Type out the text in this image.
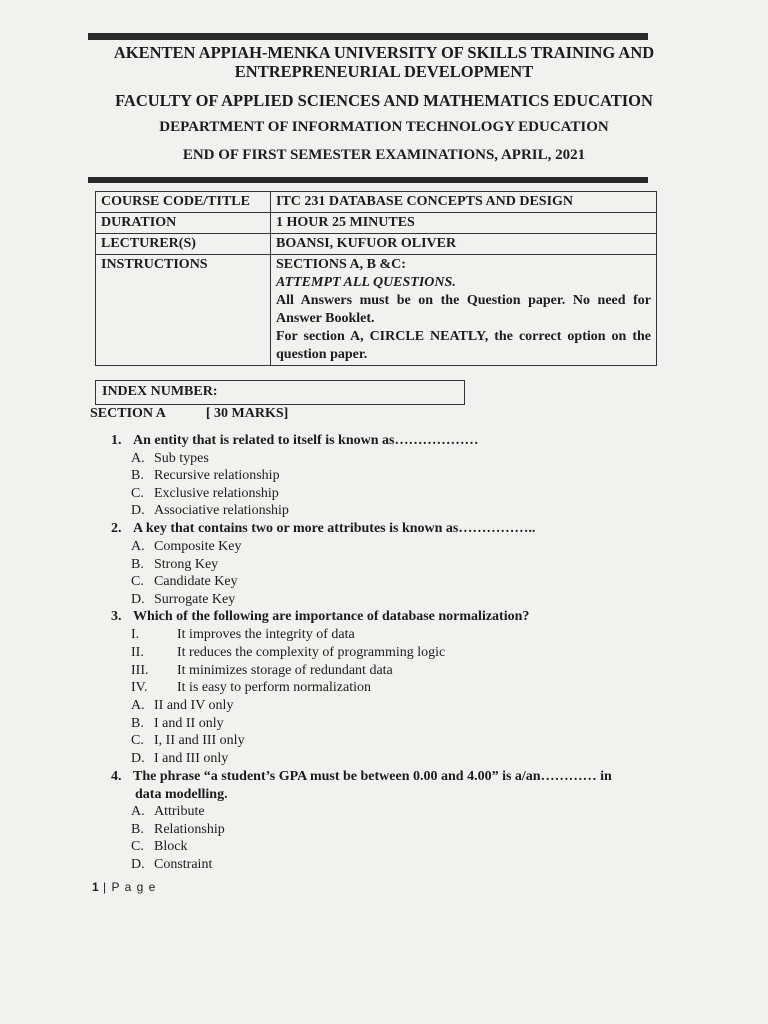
AKENTEN APPIAH-MENKA UNIVERSITY OF SKILLS TRAINING AND ENTREPRENEURIAL DEVELOPMENT
FACULTY OF APPLIED SCIENCES AND MATHEMATICS EDUCATION
DEPARTMENT OF INFORMATION TECHNOLOGY EDUCATION
END OF FIRST SEMESTER EXAMINATIONS, APRIL, 2021
COURSE CODE/TITLE	ITC 231 DATABASE CONCEPTS AND DESIGN
DURATION	1 HOUR 25 MINUTES
LECTURER(S)	BOANSI, KUFUOR OLIVER
INSTRUCTIONS	SECTIONS A, B &C:
ATTEMPT ALL QUESTIONS.
All Answers must be on the Question paper. No need for Answer Booklet.
For section A, CIRCLE NEATLY, the correct option on the question paper.
INDEX NUMBER:
SECTION A	[ 30 MARKS]
1. An entity that is related to itself is known as………………
A. Sub types
B. Recursive relationship
C. Exclusive relationship
D. Associative relationship
2. A key that contains two or more attributes is known as……………..
A. Composite Key
B. Strong Key
C. Candidate Key
D. Surrogate Key
3. Which of the following are importance of database normalization?
I.	It improves the integrity of data
II. It reduces the complexity of programming logic
III. It minimizes storage of redundant data
IV. It is easy to perform normalization
A. II and IV only
B. I and II only
C. I, II and III only
D. I and III only
4. The phrase “a student’s GPA must be between 0.00 and 4.00” is a/an………… in
data modelling.
A. Attribute
B. Relationship
C. Block
D. Constraint
1 | P a g e
